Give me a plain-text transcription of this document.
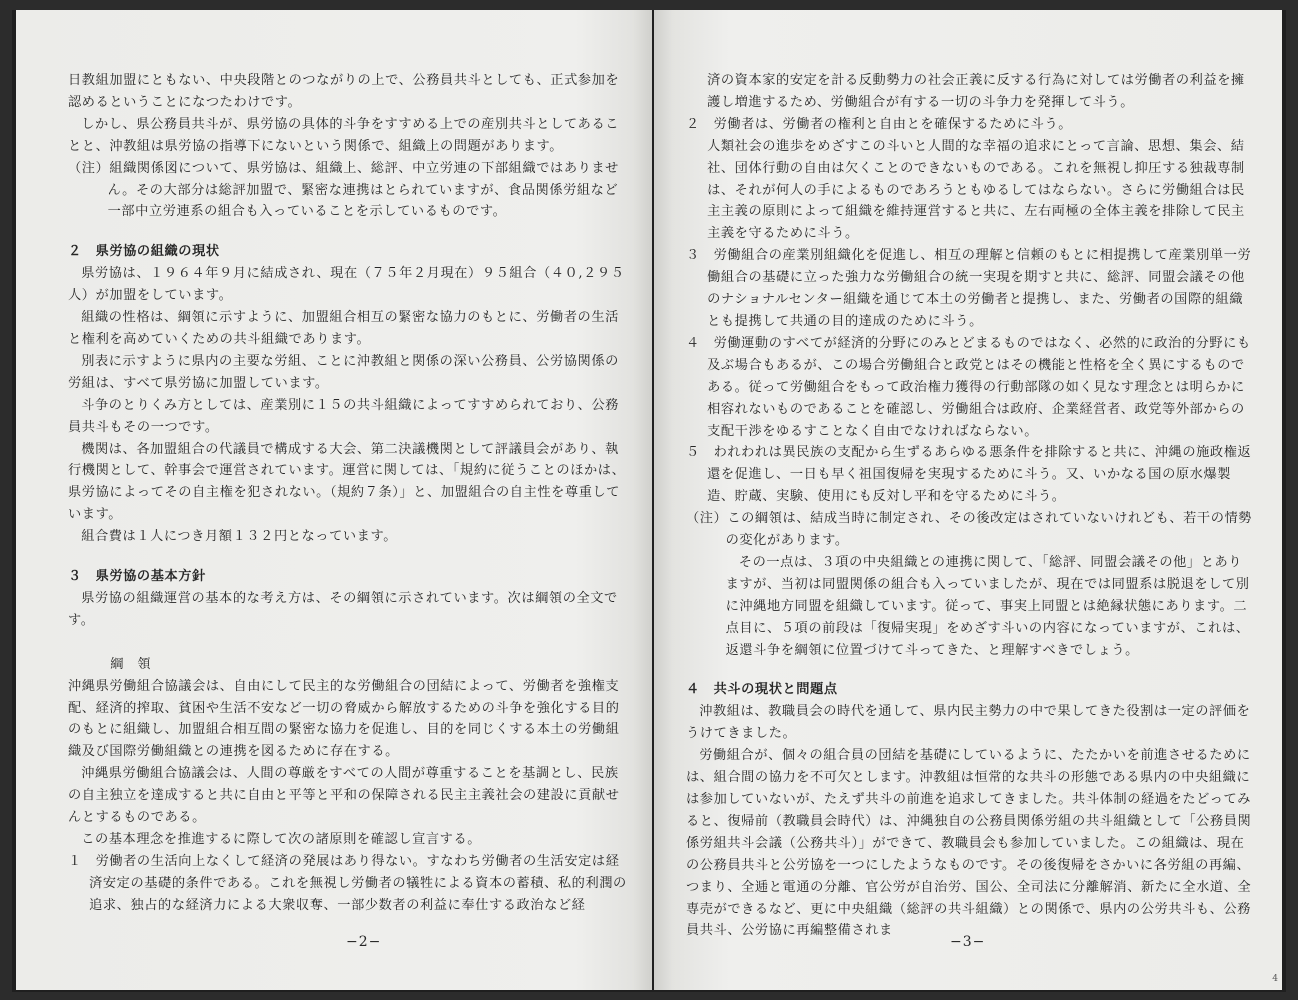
日教組加盟にともない、中央段階とのつながりの上で、公務員共斗としても、正式参加を認めるということになつたわけです。

しかし、県公務員共斗が、県労協の具体的斗争をすすめる上での産別共斗としてあることと、沖教組は県労協の指導下にないという関係で、組織上の問題があります。

（注）組織関係図について、県労協は、組織上、総評、中立労連の下部組織ではありません。その大部分は総評加盟で、緊密な連携はとられていますが、食品関係労組など一部中立労連系の組合も入っていることを示しているものです。

２　県労協の組織の現状

県労協は、１９６４年９月に結成され、現在（７５年２月現在）９５組合（４０,２９５人）が加盟をしています。

組織の性格は、綱領に示すように、加盟組合相互の緊密な協力のもとに、労働者の生活と権利を高めていくための共斗組織であります。

別表に示すように県内の主要な労組、ことに沖教組と関係の深い公務員、公労協関係の労組は、すべて県労協に加盟しています。

斗争のとりくみ方としては、産業別に１５の共斗組織によってすすめられており、公務員共斗もその一つです。

機関は、各加盟組合の代議員で構成する大会、第二決議機関として評議員会があり、執行機関として、幹事会で運営されています。運営に関しては、「規約に従うことのほかは、県労協によってその自主権を犯されない。（規約７条）」と、加盟組合の自主性を尊重しています。

組合費は１人につき月額１３２円となっています。

３　県労協の基本方針

県労協の組織運営の基本的な考え方は、その綱領に示されています。次は綱領の全文です。

綱領

沖縄県労働組合協議会は、自由にして民主的な労働組合の団結によって、労働者を強権支配、経済的搾取、貧困や生活不安など一切の脅威から解放するための斗争を強化する目的のもとに組織し、加盟組合相互間の緊密な協力を促進し、目的を同じくする本土の労働組織及び国際労働組織との連携を図るために存在する。

沖縄県労働組合協議会は、人間の尊厳をすべての人間が尊重することを基調とし、民族の自主独立を達成すると共に自由と平等と平和の保障される民主主義社会の建設に貢献せんとするものである。

この基本理念を推進するに際して次の諸原則を確認し宣言する。

１　労働者の生活向上なくして経済の発展はあり得ない。すなわち労働者の生活安定は経済安定の基礎的条件である。これを無視し労働者の犠牲による資本の蓄積、私的利潤の追求、独占的な経済力による大衆収奪、一部少数者の利益に奉仕する政治など経

−2−

済の資本家的安定を計る反動勢力の社会正義に反する行為に対しては労働者の利益を擁護し増進するため、労働組合が有する一切の斗争力を発揮して斗う。

２　労働者は、労働者の権利と自由とを確保するために斗う。

人類社会の進歩をめざすこの斗いと人間的な幸福の追求にとって言論、思想、集会、結社、団体行動の自由は欠くことのできないものである。これを無視し抑圧する独裁専制は、それが何人の手によるものであろうともゆるしてはならない。さらに労働組合は民主主義の原則によって組織を維持運営すると共に、左右両極の全体主義を排除して民主主義を守るために斗う。

３　労働組合の産業別組織化を促進し、相互の理解と信頼のもとに相提携して産業別単一労働組合の基礎に立った強力な労働組合の統一実現を期すと共に、総評、同盟会議その他のナショナルセンター組織を通じて本土の労働者と提携し、また、労働者の国際的組織とも提携して共通の目的達成のために斗う。

４　労働運動のすべてが経済的分野にのみとどまるものではなく、必然的に政治的分野にも及ぶ場合もあるが、この場合労働組合と政党とはその機能と性格を全く異にするものである。従って労働組合をもって政治権力獲得の行動部隊の如く見なす理念とは明らかに相容れないものであることを確認し、労働組合は政府、企業経営者、政党等外部からの支配干渉をゆるすことなく自由でなければならない。

５　われわれは異民族の支配から生ずるあらゆる悪条件を排除すると共に、沖縄の施政権返還を促進し、一日も早く祖国復帰を実現するために斗う。又、いかなる国の原水爆製造、貯蔵、実験、使用にも反対し平和を守るために斗う。

（注）この綱領は、結成当時に制定され、その後改定はされていないけれども、若干の情勢の変化があります。

その一点は、３項の中央組織との連携に関して、「総評、同盟会議その他」とありますが、当初は同盟関係の組合も入っていましたが、現在では同盟系は脱退をして別に沖縄地方同盟を組織しています。従って、事実上同盟とは絶縁状態にあります。二点目に、５項の前段は「復帰実現」をめざす斗いの内容になっていますが、これは、返還斗争を綱領に位置づけて斗ってきた、と理解すべきでしょう。

４　共斗の現状と問題点

沖教組は、教職員会の時代を通して、県内民主勢力の中で果してきた役割は一定の評価をうけてきました。

労働組合が、個々の組合員の団結を基礎にしているように、たたかいを前進させるためには、組合間の協力を不可欠とします。沖教組は恒常的な共斗の形態である県内の中央組織には参加していないが、たえず共斗の前進を追求してきました。共斗体制の経過をたどってみると、復帰前（教職員会時代）は、沖縄独自の公務員関係労組の共斗組織として「公務員関係労組共斗会議（公務共斗）」ができて、教職員会も参加していました。この組織は、現在の公務員共斗と公労協を一つにしたようなものです。その後復帰をさかいに各労組の再編、つまり、全逓と電通の分離、官公労が自治労、国公、全司法に分離解消、新たに全水道、全専売ができるなど、更に中央組織（総評の共斗組織）との関係で、県内の公労共斗も、公務員共斗、公労協に再編整備されま

−3−
4
